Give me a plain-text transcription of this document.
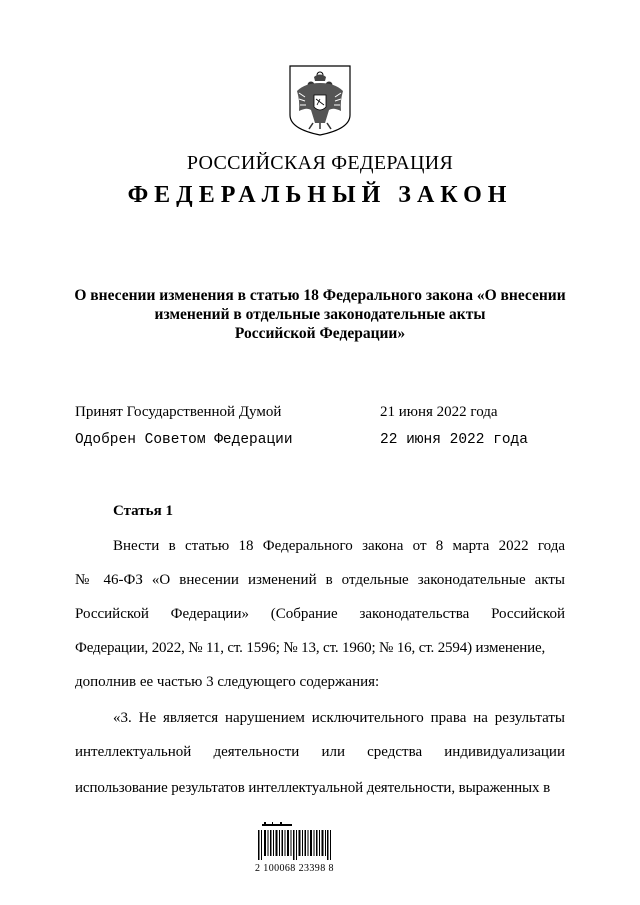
РОССИЙСКАЯ ФЕДЕРАЦИЯ
ФЕДЕРАЛЬНЫЙ ЗАКОН
О внесении изменения в статью 18 Федерального закона «О внесении
изменений в отдельные законодательные акты
Российской Федерации»
Принят Государственной Думой	21 июня 2022 года
Одобрен Советом Федерации	22 июня 2022 года
Статья 1
Внести в статью 18 Федерального закона от 8 марта 2022 года
№ 46-ФЗ «О внесении изменений в отдельные законодательные акты
Российской Федерации» (Собрание законодательства Российской
Федерации, 2022, № 11, ст. 1596; № 13, ст. 1960; № 16, ст. 2594) изменение,
дополнив ее частью 3 следующего содержания:
«3. Не является нарушением исключительного права на результаты
интеллектуальной деятельности или средства индивидуализации
использование результатов интеллектуальной деятельности, выраженных в
2 100068 23398 8
